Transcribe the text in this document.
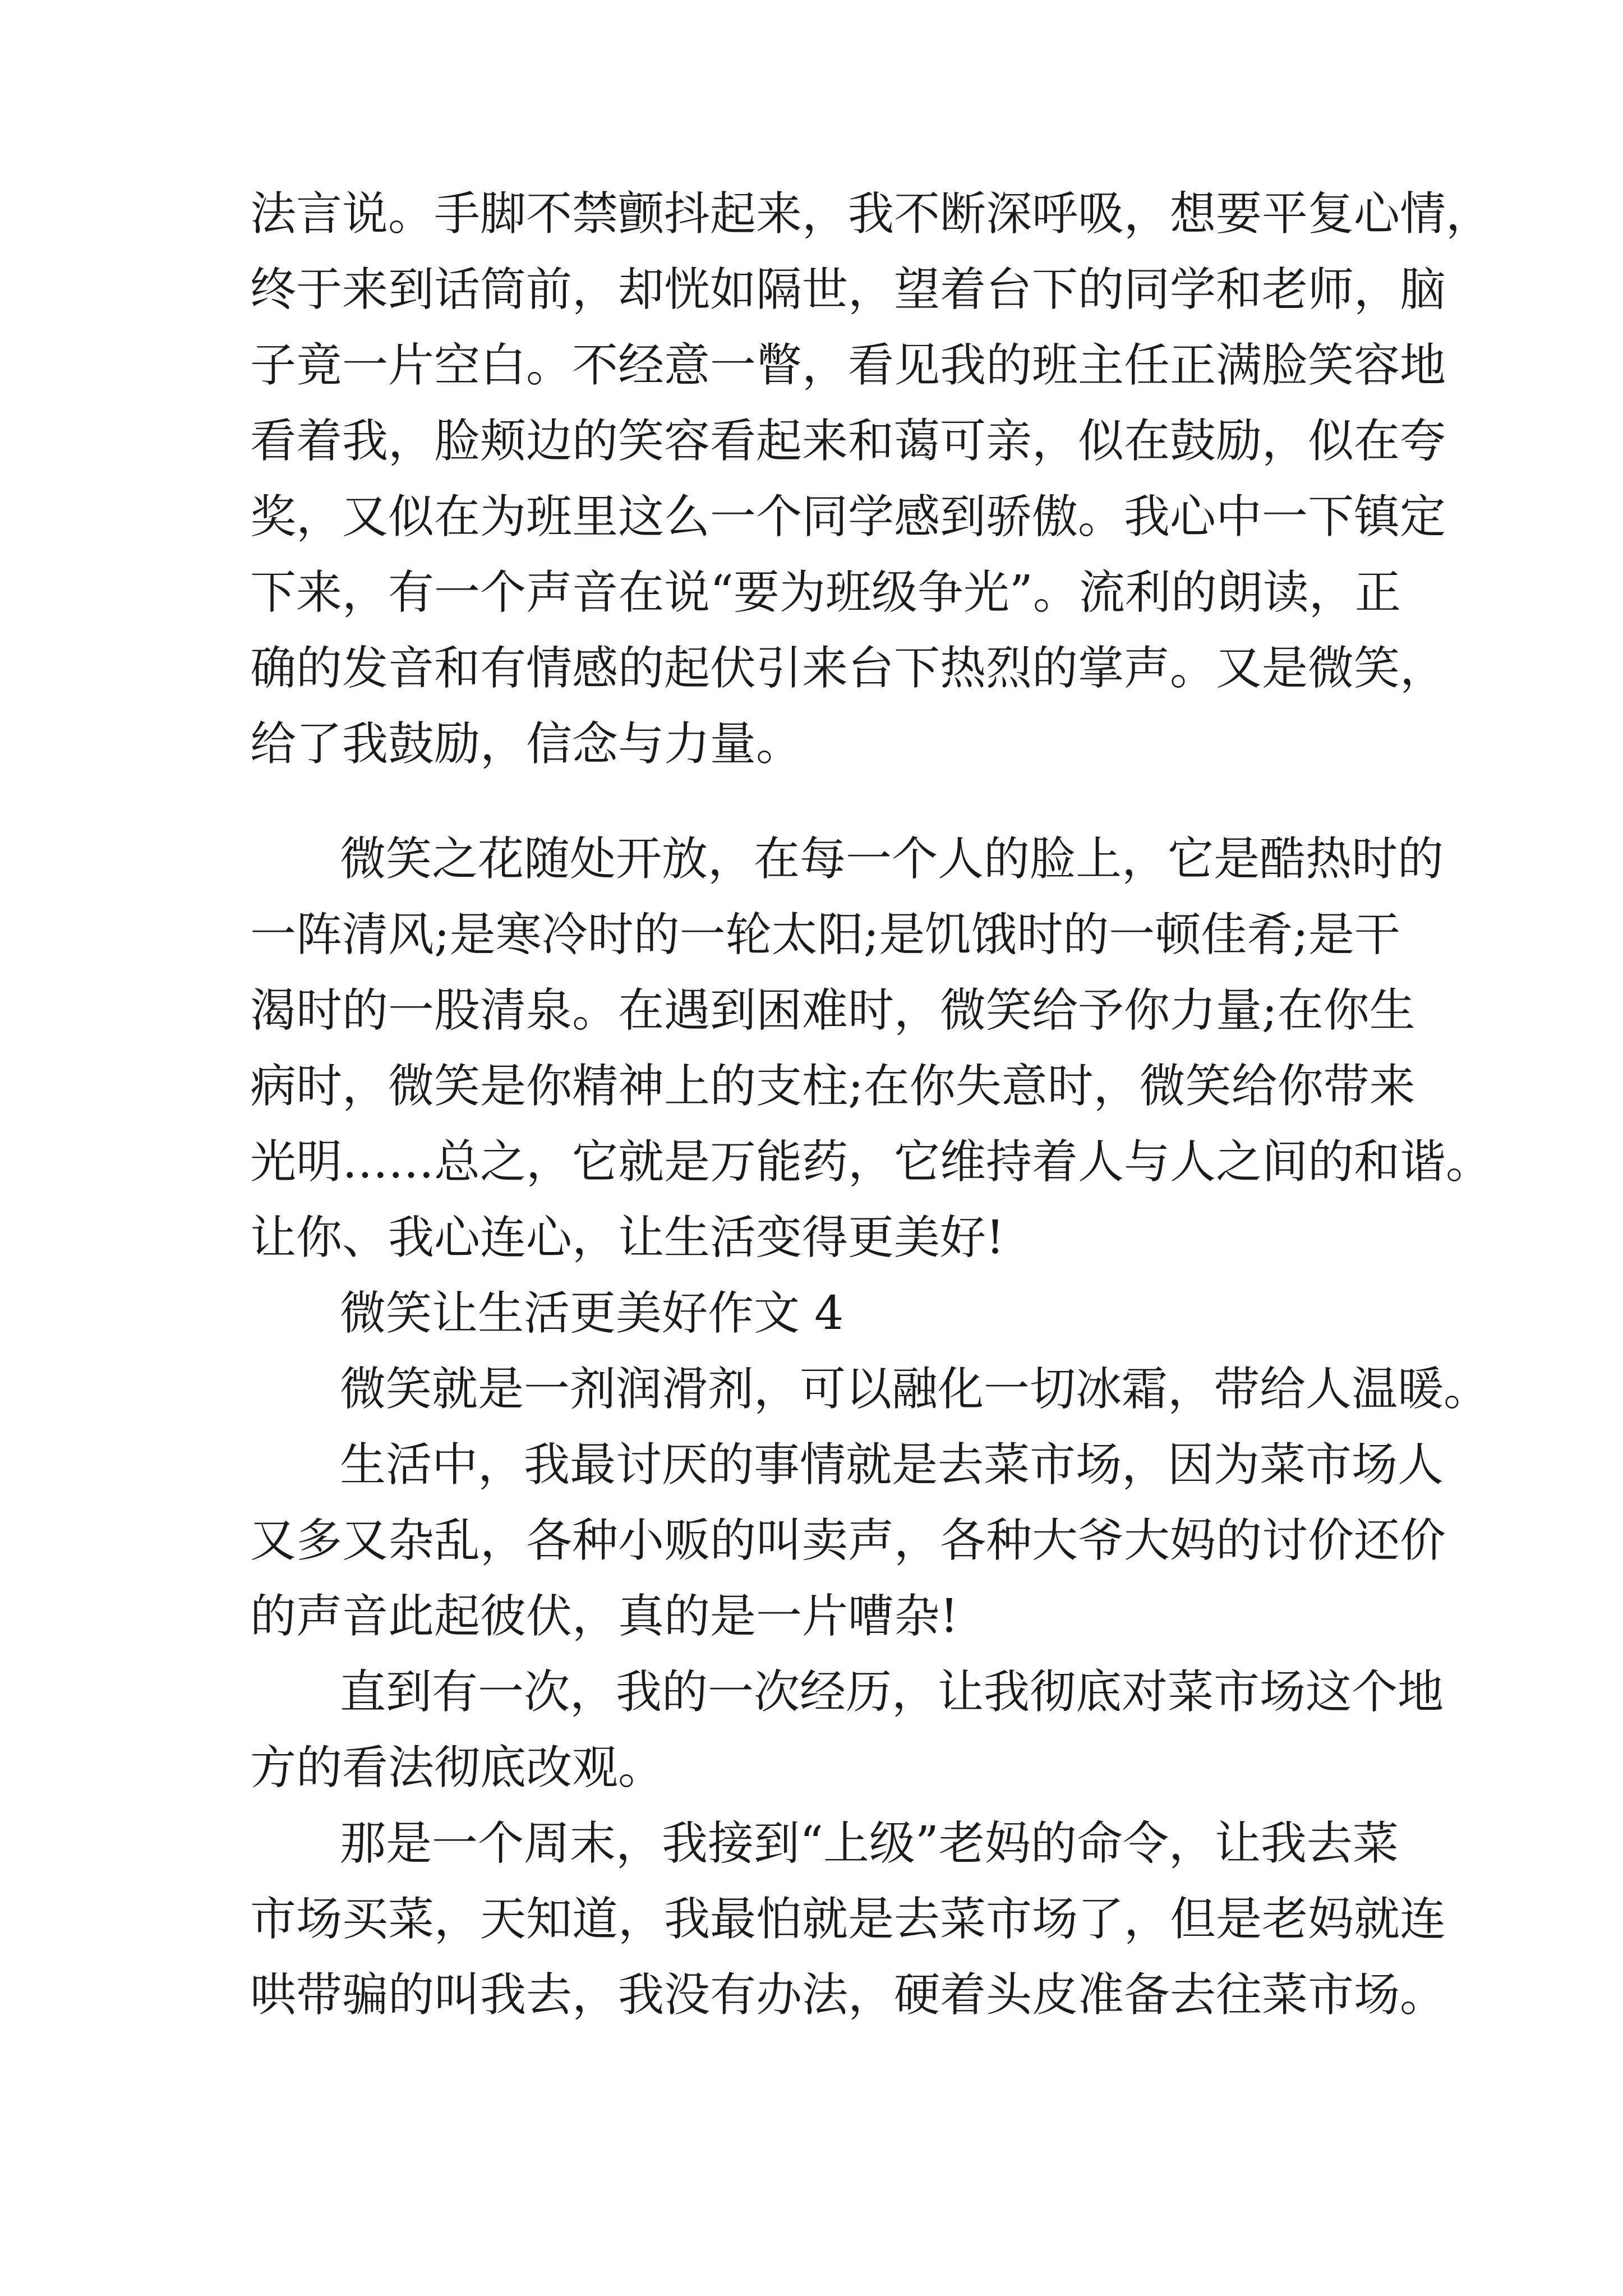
法言说。手脚不禁颤抖起来，我不断深呼吸，想要平复心情，
终于来到话筒前，却恍如隔世，望着台下的同学和老师，脑
子竟一片空白。不经意一瞥，看见我的班主任正满脸笑容地
看着我，脸颊边的笑容看起来和蔼可亲，似在鼓励，似在夸
奖，又似在为班里这么一个同学感到骄傲。我心中一下镇定
下来，有一个声音在说“要为班级争光”。流利的朗读，正
确的发音和有情感的起伏引来台下热烈的掌声。又是微笑，
给了我鼓励，信念与力量。
微笑之花随处开放，在每一个人的脸上，它是酷热时的
一阵清风;是寒冷时的一轮太阳;是饥饿时的一顿佳肴;是干
渴时的一股清泉。在遇到困难时，微笑给予你力量;在你生
病时，微笑是你精神上的支柱;在你失意时，微笑给你带来
光明……总之，它就是万能药，它维持着人与人之间的和谐。
让你、我心连心，让生活变得更美好!
微笑让生活更美好作文 4
微笑就是一剂润滑剂，可以融化一切冰霜，带给人温暖。
生活中，我最讨厌的事情就是去菜市场，因为菜市场人
又多又杂乱，各种小贩的叫卖声，各种大爷大妈的讨价还价
的声音此起彼伏，真的是一片嘈杂!
直到有一次，我的一次经历，让我彻底对菜市场这个地
方的看法彻底改观。
那是一个周末，我接到“上级”老妈的命令，让我去菜
市场买菜，天知道，我最怕就是去菜市场了，但是老妈就连
哄带骗的叫我去，我没有办法，硬着头皮准备去往菜市场。
